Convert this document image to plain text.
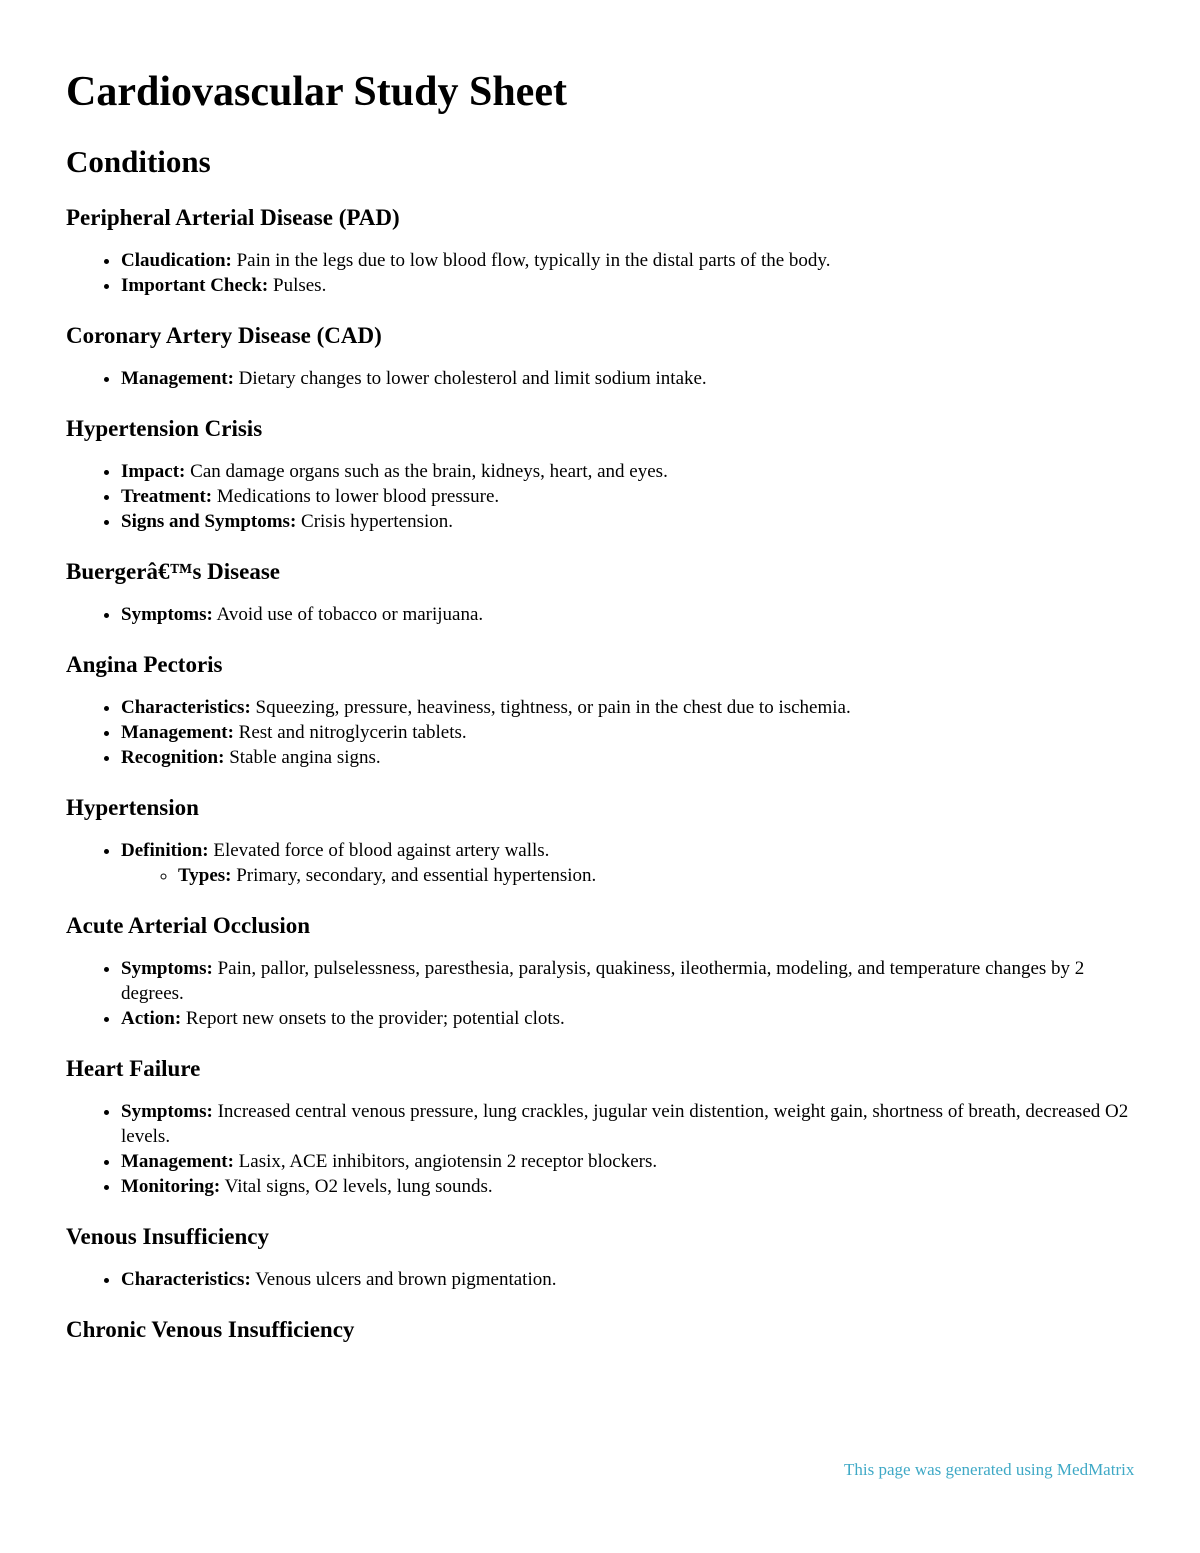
Cardiovascular Study Sheet
Conditions
Peripheral Arterial Disease (PAD)
• Claudication: Pain in the legs due to low blood flow, typically in the distal parts of the body.
• Important Check: Pulses.
Coronary Artery Disease (CAD)
• Management: Dietary changes to lower cholesterol and limit sodium intake.
Hypertension Crisis
• Impact: Can damage organs such as the brain, kidneys, heart, and eyes.
• Treatment: Medications to lower blood pressure.
• Signs and Symptoms: Crisis hypertension.
Buergerâ€™s Disease
• Symptoms: Avoid use of tobacco or marijuana.
Angina Pectoris
• Characteristics: Squeezing, pressure, heaviness, tightness, or pain in the chest due to ischemia.
• Management: Rest and nitroglycerin tablets.
• Recognition: Stable angina signs.
Hypertension
• Definition: Elevated force of blood against artery walls.
◦ Types: Primary, secondary, and essential hypertension.
Acute Arterial Occlusion
• Symptoms: Pain, pallor, pulselessness, paresthesia, paralysis, quakiness, ileothermia, modeling, and temperature changes by 2 degrees.
• Action: Report new onsets to the provider; potential clots.
Heart Failure
• Symptoms: Increased central venous pressure, lung crackles, jugular vein distention, weight gain, shortness of breath, decreased O2 levels.
• Management: Lasix, ACE inhibitors, angiotensin 2 receptor blockers.
• Monitoring: Vital signs, O2 levels, lung sounds.
Venous Insufficiency
• Characteristics: Venous ulcers and brown pigmentation.
Chronic Venous Insufficiency
This page was generated using MedMatrix
